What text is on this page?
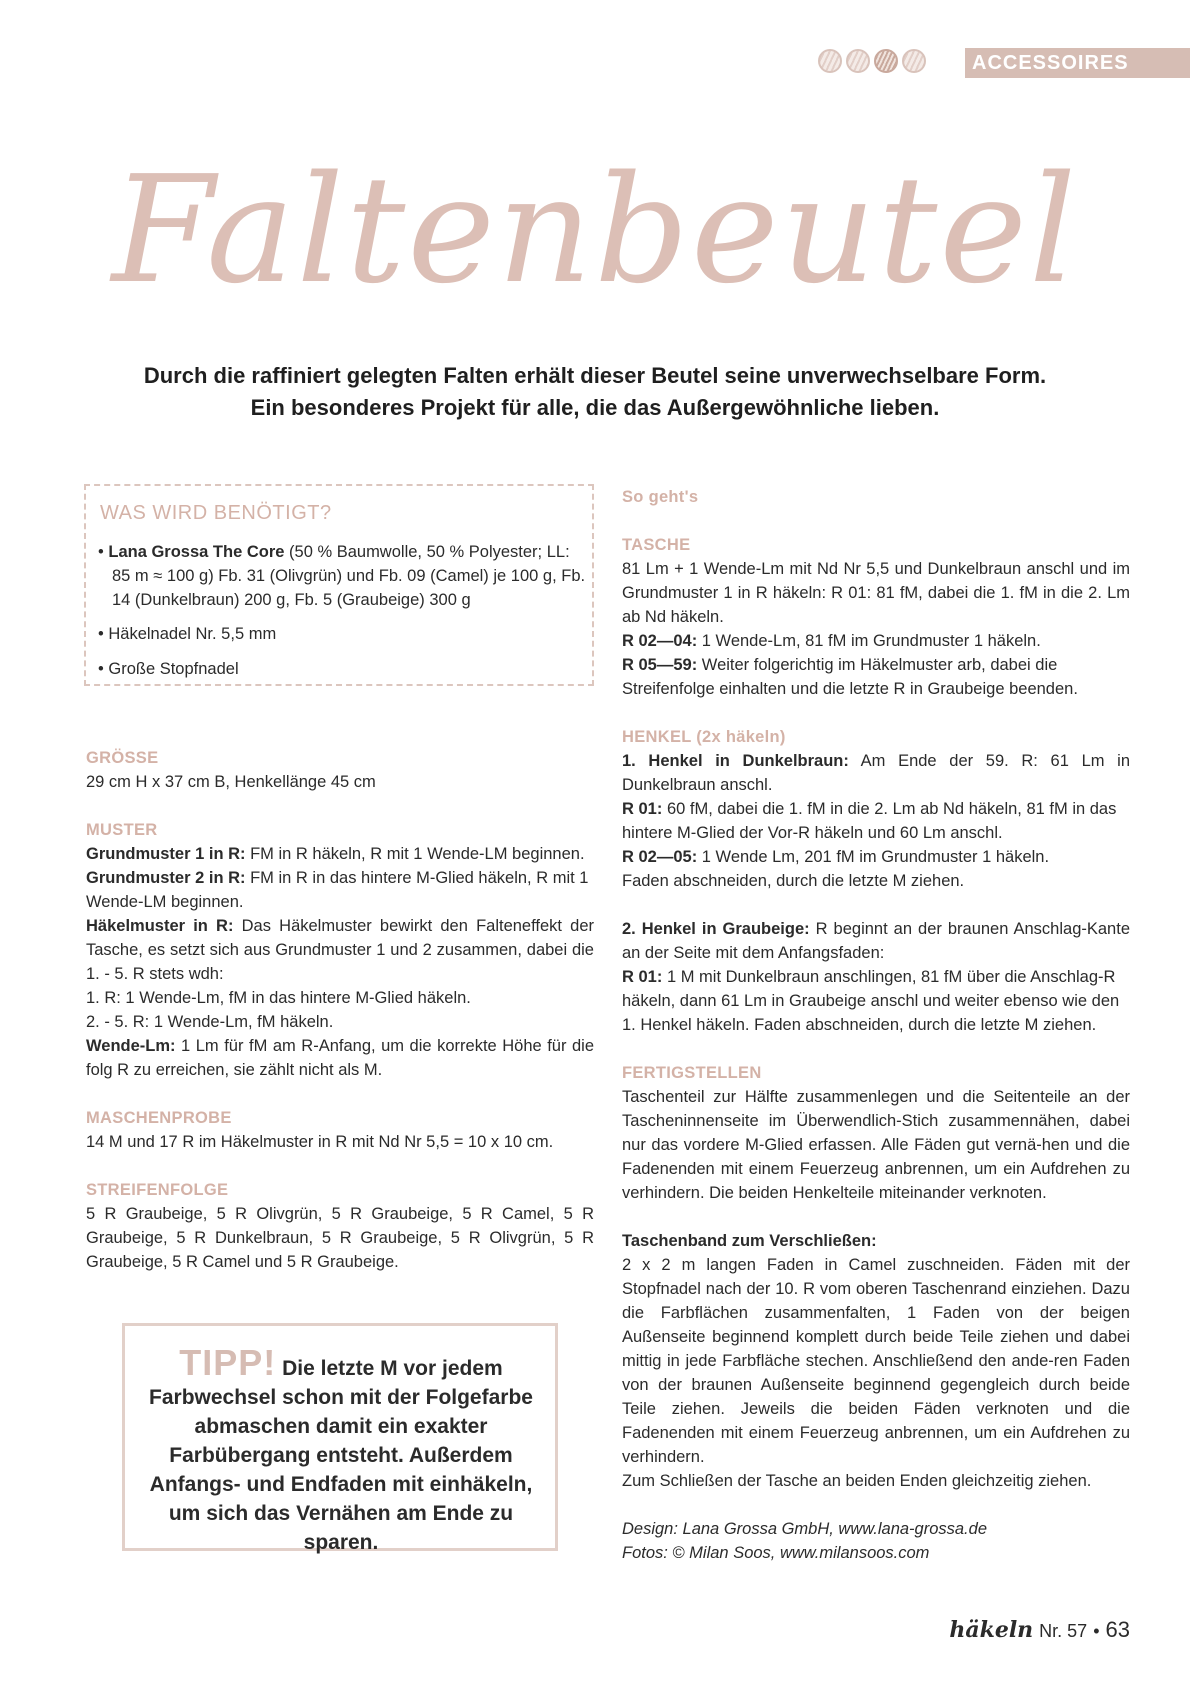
ACCESSOIRES
Faltenbeutel
Durch die raffiniert gelegten Falten erhält dieser Beutel seine unverwechselbare Form.
Ein besonderes Projekt für alle, die das Außergewöhnliche lieben.
WAS WIRD BENÖTIGT?
• Lana Grossa The Core (50 % Baumwolle, 50 % Polyester; LL: 85 m ≈ 100 g) Fb. 31 (Olivgrün) und Fb. 09 (Camel) je 100 g, Fb. 14 (Dunkelbraun) 200 g, Fb. 5 (Graubeige) 300 g
• Häkelnadel Nr. 5,5 mm
• Große Stopfnadel

GRÖSSE

29 cm H x 37 cm B, Henkellänge 45 cm

MUSTER

Grundmuster 1 in R: FM in R häkeln, R mit 1 Wende-LM beginnen.

Grundmuster 2 in R: FM in R in das hintere M-Glied häkeln, R mit 1 Wende-LM beginnen.

Häkelmuster in R: Das Häkelmuster bewirkt den Falteneffekt der Tasche, es setzt sich aus Grundmuster 1 und 2 zusammen, dabei die 1. - 5. R stets wdh:

1. R: 1 Wende-Lm, fM in das hintere M-Glied häkeln.

2. - 5. R: 1 Wende-Lm, fM häkeln.

Wende-Lm: 1 Lm für fM am R-Anfang, um die korrekte Höhe für die folg R zu erreichen, sie zählt nicht als M.

MASCHENPROBE

14 M und 17 R im Häkelmuster in R mit Nd Nr 5,5 = 10 x 10 cm.

STREIFENFOLGE

5 R Graubeige, 5 R Olivgrün, 5 R Graubeige, 5 R Camel, 5 R Graubeige, 5 R Dunkelbraun, 5 R Graubeige, 5 R Olivgrün, 5 R Graubeige, 5 R Camel und 5 R Graubeige.

TIPP! Die letzte M vor jedem Farbwechsel schon mit der Folgefarbe abmaschen damit ein exakter Farbübergang entsteht. Außerdem Anfangs- und Endfaden mit einhäkeln, um sich das Vernähen am Ende zu sparen.

So geht's

TASCHE

81 Lm + 1 Wende-Lm mit Nd Nr 5,5 und Dunkelbraun anschl und im Grundmuster 1 in R häkeln: R 01: 81 fM, dabei die 1. fM in die 2. Lm ab Nd häkeln.

R 02—04: 1 Wende-Lm, 81 fM im Grundmuster 1 häkeln.

R 05—59: Weiter folgerichtig im Häkelmuster arb, dabei die Streifenfolge einhalten und die letzte R in Graubeige beenden.

HENKEL (2x häkeln)

1. Henkel in Dunkelbraun: Am Ende der 59. R: 61 Lm in Dunkelbraun anschl.

R 01: 60 fM, dabei die 1. fM in die 2. Lm ab Nd häkeln, 81 fM in das hintere M-Glied der Vor-R häkeln und 60 Lm anschl.

R 02—05: 1 Wende Lm, 201 fM im Grundmuster 1 häkeln.

Faden abschneiden, durch die letzte M ziehen.

2. Henkel in Graubeige: R beginnt an der braunen Anschlag-Kante an der Seite mit dem Anfangsfaden:

R 01: 1 M mit Dunkelbraun anschlingen, 81 fM über die Anschlag-R häkeln, dann 61 Lm in Graubeige anschl und weiter ebenso wie den 1. Henkel häkeln. Faden abschneiden, durch die letzte M ziehen.

FERTIGSTELLEN

Taschenteil zur Hälfte zusammenlegen und die Seitenteile an der Tascheninnenseite im Überwendlich-Stich zusammennähen, dabei nur das vordere M-Glied erfassen. Alle Fäden gut vernä-hen und die Fadenenden mit einem Feuerzeug anbrennen, um ein Aufdrehen zu verhindern. Die beiden Henkelteile miteinander verknoten.

Taschenband zum Verschließen:

2 x 2 m langen Faden in Camel zuschneiden. Fäden mit der Stopfnadel nach der 10. R vom oberen Taschenrand einziehen. Dazu die Farbflächen zusammenfalten, 1 Faden von der beigen Außenseite beginnend komplett durch beide Teile ziehen und dabei mittig in jede Farbfläche stechen. Anschließend den ande-ren Faden von der braunen Außenseite beginnend gegengleich durch beide Teile ziehen. Jeweils die beiden Fäden verknoten und die Fadenenden mit einem Feuerzeug anbrennen, um ein Aufdrehen zu verhindern.

Zum Schließen der Tasche an beiden Enden gleichzeitig ziehen.

Design: Lana Grossa GmbH, www.lana-grossa.de

Fotos: © Milan Soos, www.milansoos.com

häkeln Nr. 57 • 63
